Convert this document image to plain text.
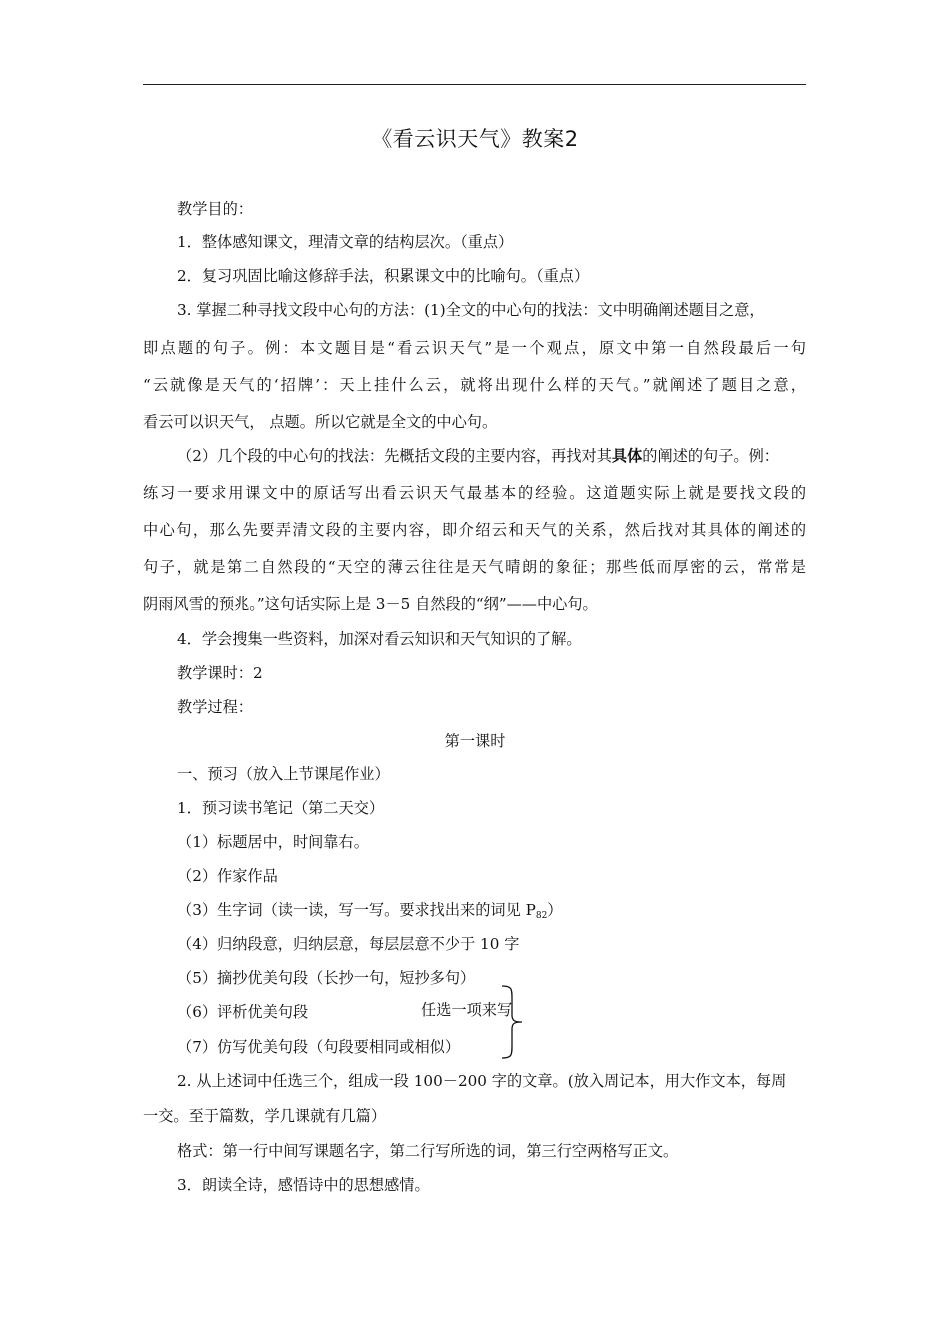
《看云识天气》教案2
教学目的：
1．整体感知课文，理清文章的结构层次。（重点）
2．复习巩固比喻这修辞手法，积累课文中的比喻句。（重点）
3. 掌握二种寻找文段中心句的方法：(1)全文的中心句的找法：文中明确阐述题目之意，
即点题的句子。例：本文题目是“看云识天气”是一个观点，原文中第一自然段最后一句
“云就像是天气的‘招牌’：天上挂什么云，就将出现什么样的天气。”就阐述了题目之意，
看云可以识天气， 点题。所以它就是全文的中心句。
（2）几个段的中心句的找法：先概括文段的主要内容，再找对其具体的阐述的句子。例：
练习一要求用课文中的原话写出看云识天气最基本的经验。这道题实际上就是要找文段的
中心句，那么先要弄清文段的主要内容，即介绍云和天气的关系，然后找对其具体的阐述的
句子，就是第二自然段的“天空的薄云往往是天气晴朗的象征；那些低而厚密的云，常常是
阴雨风雪的预兆。”这句话实际上是 3－5 自然段的“纲”——中心句。
4．学会搜集一些资料，加深对看云知识和天气知识的了解。
教学课时：2
教学过程：
第一课时
一、预习（放入上节课尾作业）
1．预习读书笔记（第二天交）
（1）标题居中，时间靠右。
（2）作家作品
（3）生字词（读一读，写一写。要求找出来的词见 $P_{82}$）
（4）归纳段意，归纳层意，每层层意不少于 10 字
（5）摘抄优美句段（长抄一句，短抄多句）
（6）评析优美句段
（7）仿写优美句段（句段要相同或相似）
任选一项来写
2. 从上述词中任选三个，组成一段 100－200 字的文章。(放入周记本，用大作文本，每周
一交。至于篇数，学几课就有几篇）
格式：第一行中间写课题名字，第二行写所选的词，第三行空两格写正文。
3．朗读全诗，感悟诗中的思想感情。
